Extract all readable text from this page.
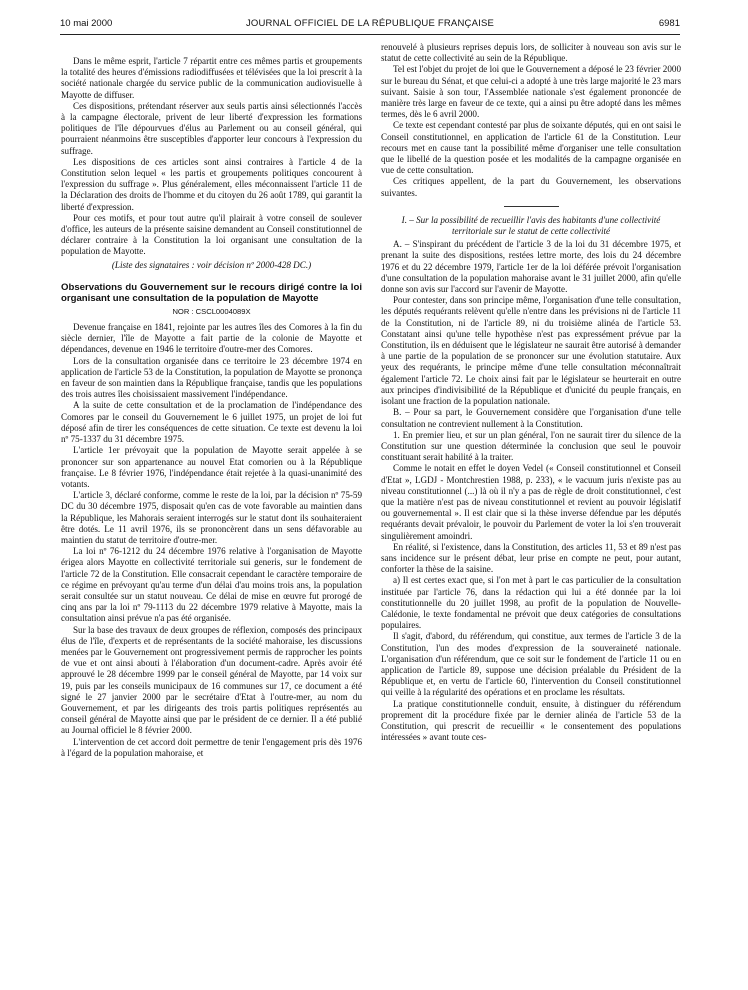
10 mai 2000	JOURNAL OFFICIEL DE LA RÉPUBLIQUE FRANÇAISE	6981

Dans le même esprit, l'article 7 répartit entre ces mêmes partis et groupements la totalité des heures d'émissions radiodiffusées et télévisées que la loi prescrit à la société nationale chargée du service public de la communication audiovisuelle à Mayotte de diffuser.

Ces dispositions, prétendant réserver aux seuls partis ainsi sélectionnés l'accès à la campagne électorale, privent de leur liberté d'expression les formations politiques de l'île dépourvues d'élus au Parlement ou au conseil général, qui pourraient néanmoins être susceptibles d'apporter leur concours à l'expression du suffrage.

Les dispositions de ces articles sont ainsi contraires à l'article 4 de la Constitution selon lequel « les partis et groupements politiques concourent à l'expression du suffrage ». Plus généralement, elles méconnaissent l'article 11 de la Déclaration des droits de l'homme et du citoyen du 26 août 1789, qui garantit la liberté d'expression.

Pour ces motifs, et pour tout autre qu'il plairait à votre conseil de soulever d'office, les auteurs de la présente saisine demandent au Conseil constitutionnel de déclarer contraire à la Constitution la loi organisant une consultation de la population de Mayotte.

(Liste des signataires : voir décision nº 2000-428 DC.)

Observations du Gouvernement sur le recours dirigé contre la loi organisant une consultation de la population de Mayotte
NOR : CSCL0004089X

Devenue française en 1841, rejointe par les autres îles des Comores à la fin du siècle dernier, l'île de Mayotte a fait partie de la colonie de Mayotte et dépendances, devenue en 1946 le territoire d'outre-mer des Comores.

Lors de la consultation organisée dans ce territoire le 23 décembre 1974 en application de l'article 53 de la Constitution, la population de Mayotte se prononça en faveur de son maintien dans la République française, tandis que les populations des trois autres îles choisissaient massivement l'indépendance.

A la suite de cette consultation et de la proclamation de l'indépendance des Comores par le conseil du Gouvernement le 6 juillet 1975, un projet de loi fut déposé afin de tirer les conséquences de cette situation. Ce texte est devenu la loi nº 75-1337 du 31 décembre 1975.

L'article 1er prévoyait que la population de Mayotte serait appelée à se prononcer sur son appartenance au nouvel Etat comorien ou à la République française. Le 8 février 1976, l'indépendance était rejetée à la quasi-unanimité des votants.

L'article 3, déclaré conforme, comme le reste de la loi, par la décision nº 75-59 DC du 30 décembre 1975, disposait qu'en cas de vote favorable au maintien dans la République, les Mahorais seraient interrogés sur le statut dont ils souhaiteraient être dotés. Le 11 avril 1976, ils se prononcèrent dans un sens défavorable au maintien du statut de territoire d'outre-mer.

La loi nº 76-1212 du 24 décembre 1976 relative à l'organisation de Mayotte érigea alors Mayotte en collectivité territoriale sui generis, sur le fondement de l'article 72 de la Constitution. Elle consacrait cependant le caractère temporaire de ce régime en prévoyant qu'au terme d'un délai d'au moins trois ans, la population serait consultée sur un statut nouveau. Ce délai de mise en œuvre fut prorogé de cinq ans par la loi nº 79-1113 du 22 décembre 1979 relative à Mayotte, mais la consultation ainsi prévue n'a pas été organisée.

Sur la base des travaux de deux groupes de réflexion, composés des principaux élus de l'île, d'experts et de représentants de la société mahoraise, les discussions menées par le Gouvernement ont progressivement permis de rapprocher les points de vue et ont ainsi abouti à l'élaboration d'un document-cadre. Après avoir été approuvé le 28 décembre 1999 par le conseil général de Mayotte, par 14 voix sur 19, puis par les conseils municipaux de 16 communes sur 17, ce document a été signé le 27 janvier 2000 par le secrétaire d'Etat à l'outre-mer, au nom du Gouvernement, et par les dirigeants des trois partis politiques représentés au conseil général de Mayotte ainsi que par le président de ce dernier. Il a été publié au Journal officiel le 8 février 2000.

L'intervention de cet accord doit permettre de tenir l'engagement pris dès 1976 à l'égard de la population mahoraise, et

renouvelé à plusieurs reprises depuis lors, de solliciter à nouveau son avis sur le statut de cette collectivité au sein de la République.

Tel est l'objet du projet de loi que le Gouvernement a déposé le 23 février 2000 sur le bureau du Sénat, et que celui-ci a adopté à une très large majorité le 23 mars suivant. Saisie à son tour, l'Assemblée nationale s'est également prononcée de manière très large en faveur de ce texte, qui a ainsi pu être adopté dans les mêmes termes, dès le 6 avril 2000.

Ce texte est cependant contesté par plus de soixante députés, qui en ont saisi le Conseil constitutionnel, en application de l'article 61 de la Constitution. Leur recours met en cause tant la possibilité même d'organiser une telle consultation que le libellé de la question posée et les modalités de la campagne organisée en vue de cette consultation.

Ces critiques appellent, de la part du Gouvernement, les observations suivantes.

I. – Sur la possibilité de recueillir l'avis des habitants d'une collectivité territoriale sur le statut de cette collectivité

A. – S'inspirant du précédent de l'article 3 de la loi du 31 décembre 1975, et prenant la suite des dispositions, restées lettre morte, des lois du 24 décembre 1976 et du 22 décembre 1979, l'article 1er de la loi déférée prévoit l'organisation d'une consultation de la population mahoraise avant le 31 juillet 2000, afin qu'elle donne son avis sur l'accord sur l'avenir de Mayotte.

Pour contester, dans son principe même, l'organisation d'une telle consultation, les députés requérants relèvent qu'elle n'entre dans les prévisions ni de l'article 11 de la Constitution, ni de l'article 89, ni du troisième alinéa de l'article 53. Constatant ainsi qu'une telle hypothèse n'est pas expressément prévue par la Constitution, ils en déduisent que le législateur ne saurait être autorisé à demander à une partie de la population de se prononcer sur une évolution statutaire. Aux yeux des requérants, le principe même d'une telle consultation méconnaîtrait également l'article 72. Le choix ainsi fait par le législateur se heurterait en outre aux principes d'indivisibilité de la République et d'unicité du peuple français, en isolant une fraction de la population nationale.

B. – Pour sa part, le Gouvernement considère que l'organisation d'une telle consultation ne contrevient nullement à la Constitution.

1. En premier lieu, et sur un plan général, l'on ne saurait tirer du silence de la Constitution sur une question déterminée la conclusion que seul le pouvoir constituant serait habilité à la traiter.

Comme le notait en effet le doyen Vedel (« Conseil constitutionnel et Conseil d'Etat », LGDJ - Montchrestien 1988, p. 233), « le vacuum juris n'existe pas au niveau constitutionnel (...) là où il n'y a pas de règle de droit constitutionnel, c'est que la matière n'est pas de niveau constitutionnel et revient au pouvoir législatif ou gouvernemental ». Il est clair que si la thèse inverse défendue par les députés requérants devait prévaloir, le pouvoir du Parlement de voter la loi s'en trouverait singulièrement amoindri.

En réalité, si l'existence, dans la Constitution, des articles 11, 53 et 89 n'est pas sans incidence sur le présent débat, leur prise en compte ne peut, pour autant, conforter la thèse de la saisine.

a) Il est certes exact que, si l'on met à part le cas particulier de la consultation instituée par l'article 76, dans la rédaction qui lui a été donnée par la loi constitutionnelle du 20 juillet 1998, au profit de la population de Nouvelle-Calédonie, le texte fondamental ne prévoit que deux catégories de consultations populaires.

Il s'agit, d'abord, du référendum, qui constitue, aux termes de l'article 3 de la Constitution, l'un des modes d'expression de la souveraineté nationale. L'organisation d'un référendum, que ce soit sur le fondement de l'article 11 ou en application de l'article 89, suppose une décision préalable du Président de la République et, en vertu de l'article 60, l'intervention du Conseil constitutionnel qui veille à la régularité des opérations et en proclame les résultats.

La pratique constitutionnelle conduit, ensuite, à distinguer du référendum proprement dit la procédure fixée par le dernier alinéa de l'article 53 de la Constitution, qui prescrit de recueillir « le consentement des populations intéressées » avant toute ces-
